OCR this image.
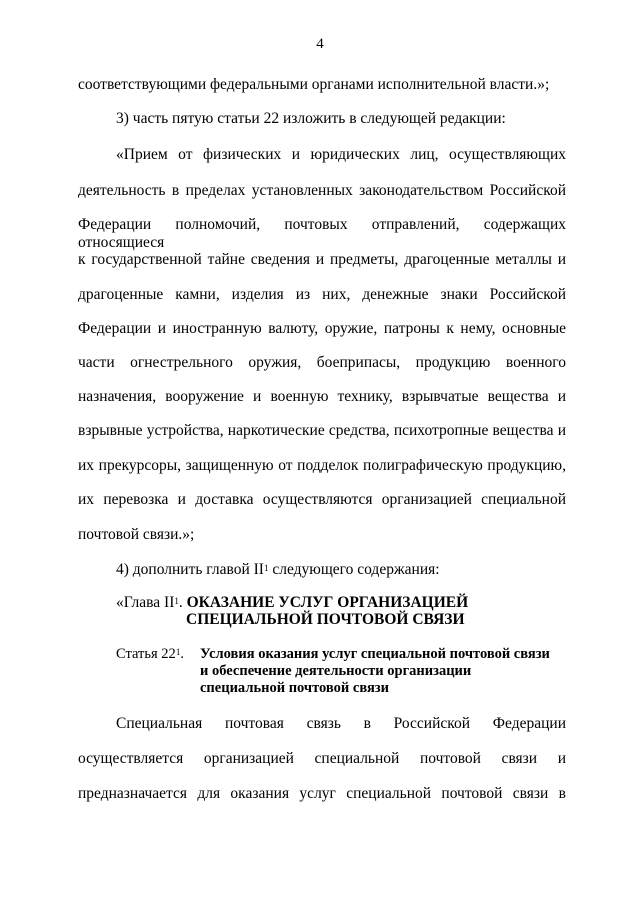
4
соответствующими федеральными органами исполнительной власти.»;
3) часть пятую статьи 22 изложить в следующей редакции:
«Прием от физических и юридических лиц, осуществляющих
деятельность в пределах установленных законодательством Российской
Федерации полномочий, почтовых отправлений, содержащих относящиеся
к государственной тайне сведения и предметы, драгоценные металлы и
драгоценные камни, изделия из них, денежные знаки Российской
Федерации и иностранную валюту, оружие, патроны к нему, основные
части огнестрельного оружия, боеприпасы, продукцию военного
назначения, вооружение и военную технику, взрывчатые вещества и
взрывные устройства, наркотические средства, психотропные вещества и
их прекурсоры, защищенную от подделок полиграфическую продукцию,
их перевозка и доставка осуществляются организацией специальной
почтовой связи.»;
4) дополнить главой $II^1$ следующего содержания:
«Глава $II^1$. ОКАЗАНИЕ УСЛУГ ОРГАНИЗАЦИЕЙ
СПЕЦИАЛЬНОЙ ПОЧТОВОЙ СВЯЗИ
Статья $22^1$. Условия оказания услуг специальной почтовой связи
и обеспечение деятельности организации
специальной почтовой связи
Специальная почтовая связь в Российской Федерации
осуществляется организацией специальной почтовой связи и
предназначается для оказания услуг специальной почтовой связи в
